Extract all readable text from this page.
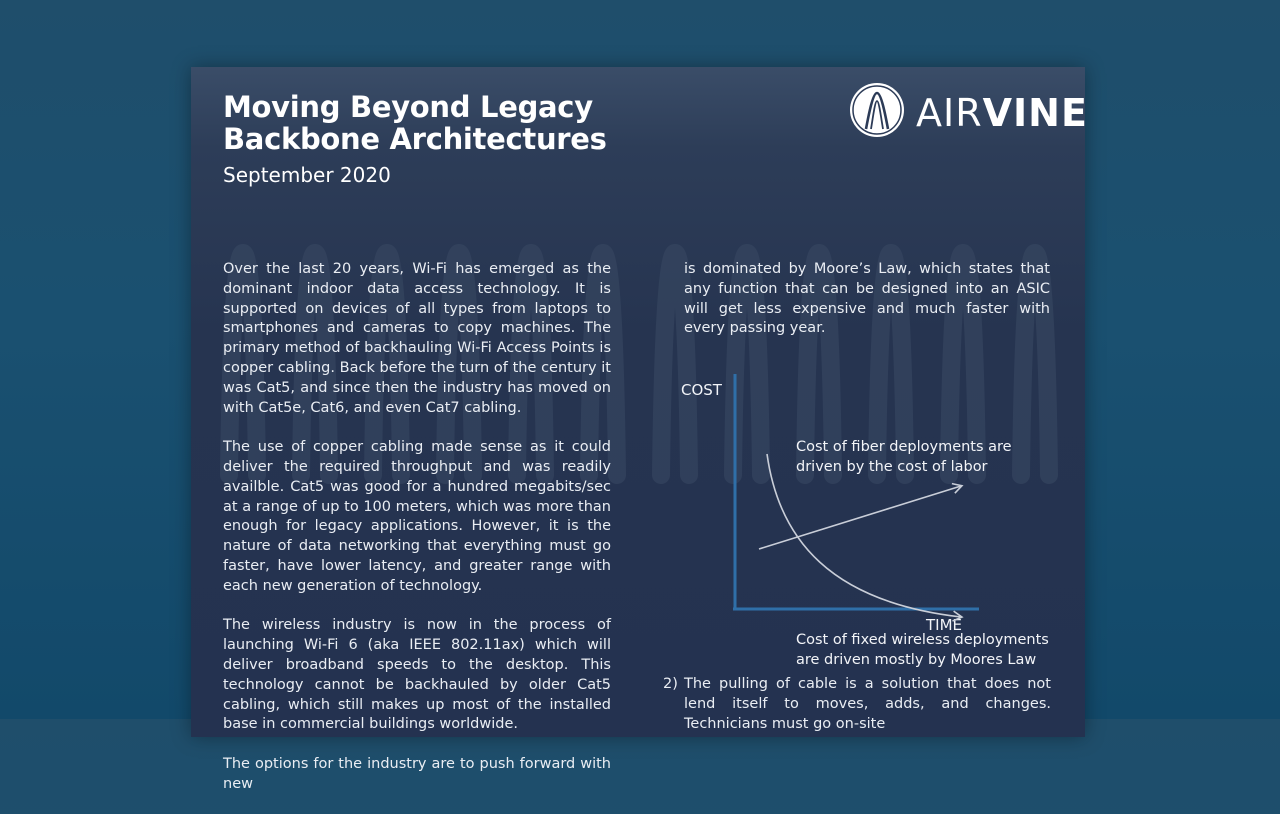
Moving Beyond Legacy Backbone Architectures
September 2020
AIRVINE

Over the last 20 years, Wi-Fi has emerged as the dominant indoor data access technology. It is supported on devices of all types from laptops to smartphones and cameras to copy machines. The primary method of backhauling Wi-Fi Access Points is copper cabling. Back before the turn of the century it was Cat5, and since then the industry has moved on with Cat5e, Cat6, and even Cat7 cabling.

The use of copper cabling made sense as it could deliver the required throughput and was readily availble. Cat5 was good for a hundred megabits/sec at a range of up to 100 meters, which was more than enough for legacy applications. However, it is the nature of data networking that everything must go faster, have lower latency, and greater range with each new generation of technology.

The wireless industry is now in the process of launching Wi-Fi 6 (aka IEEE 802.11ax) which will deliver broadband speeds to the desktop. This technology cannot be backhauled by older Cat5 cabling, which still makes up most of the installed base in commercial buildings worldwide.

The options for the industry are to push forward with new

is dominated by Moore’s Law, which states that any function that can be designed into an ASIC will get less expensive and much faster with every passing year.

COST
TIME
Cost of fiber deployments are
driven by the cost of labor
Cost of fixed wireless deployments
are driven mostly by Moores Law
2) The pulling of cable is a solution that does not lend itself to moves, adds, and changes. Technicians must go on-site
